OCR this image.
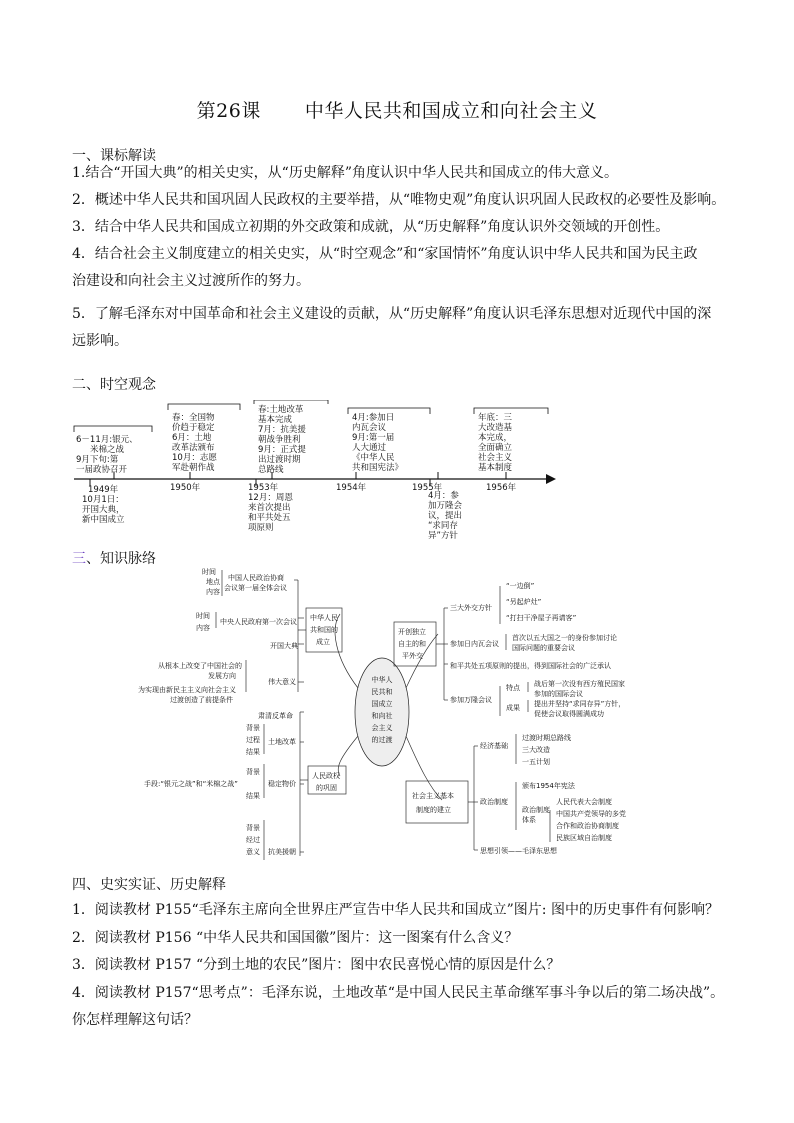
第26课 中华人民共和国成立和向社会主义
一、课标解读
1.结合“开国大典”的相关史实，从“历史解释”角度认识中华人民共和国成立的伟大意义。
2．概述中华人民共和国巩固人民政权的主要举措，从“唯物史观”角度认识巩固人民政权的必要性及影响。
3．结合中华人民共和国成立初期的外交政策和成就，从“历史解释”角度认识外交领域的开创性。
4．结合社会主义制度建立的相关史实，从“时空观念”和“家国情怀”角度认识中华人民共和国为民主政
治建设和向社会主义过渡所作的努力。
5．了解毛泽东对中国革命和社会主义建设的贡献，从“历史解释”角度认识毛泽东思想对近现代中国的深
远影响。
二、时空观念
1949年	1950年	1953年	1954年	1955年	1956年
6－11月:银元、
米棉之战
9月下旬:第
一届政协召开
春：全国物
价趋于稳定
6月：土地
改革法颁布
10月：志愿
军赴朝作战
春:土地改革
基本完成
7月：抗美援
朝战争胜利
9月：正式提
出过渡时期
总路线
4月:参加日
内瓦会议
9月:第一届
人大通过
《中华人民
共和国宪法》
年底：三
大改造基
本完成，
全面确立
社会主义
基本制度
10月1日：
开国大典，
新中国成立
12月：周恩
来首次提出
和平共处五
项原则
4月：参
加万隆会
议，提出
“求同存
异”方针
三、知识脉络
中华人
民共和
国成立
和向社
会主义
的过渡
中华人民
共和国的
成立
时间
地点
内容
中国人民政治协商
会议第一届全体会议
时间
内容
中央人民政府第一次会议
开国大典
从根本上改变了中国社会的
发展方向
为实现由新民主主义向社会主义
过渡创造了前提条件
伟大意义
人民政权
的巩固
肃清反革命
背景
过程
结果
土地改革
背景
手段:“银元之战”和“米棉之战”
结果
稳定物价
背景
经过
意义 抗美援朝
开创独立
自主的和
平外交
三大外交方针
“一边倒”
“另起炉灶”
“打扫干净屋子再请客”
参加日内瓦会议
首次以五大国之一的身份参加讨论
国际问题的重要会议
和平共处五项原则的提出，得到国际社会的广泛承认
参加万隆会议
特点 战后第一次没有西方殖民国家
参加的国际会议
成果 提出并坚持“求同存异”方针，
促使会议取得圆满成功
社会主义基本
制度的建立
经济基础
过渡时期总路线
三大改造
一五计划
政治制度
颁布1954年宪法
政治制度
体系
人民代表大会制度
中国共产党领导的多党
合作和政治协商制度
民族区域自治制度
思想引领——毛泽东思想
四、史实实证、历史解释
1．阅读教材 P155“毛泽东主席向全世界庄严宣告中华人民共和国成立”图片: 图中的历史事件有何影响？
2．阅读教材 P156 “中华人民共和国国徽”图片：这一图案有什么含义？
3．阅读教材 P157 “分到土地的农民”图片：图中农民喜悦心情的原因是什么？
4．阅读教材 P157“思考点”：毛泽东说，土地改革“是中国人民民主革命继军事斗争以后的第二场决战”。
你怎样理解这句话？
